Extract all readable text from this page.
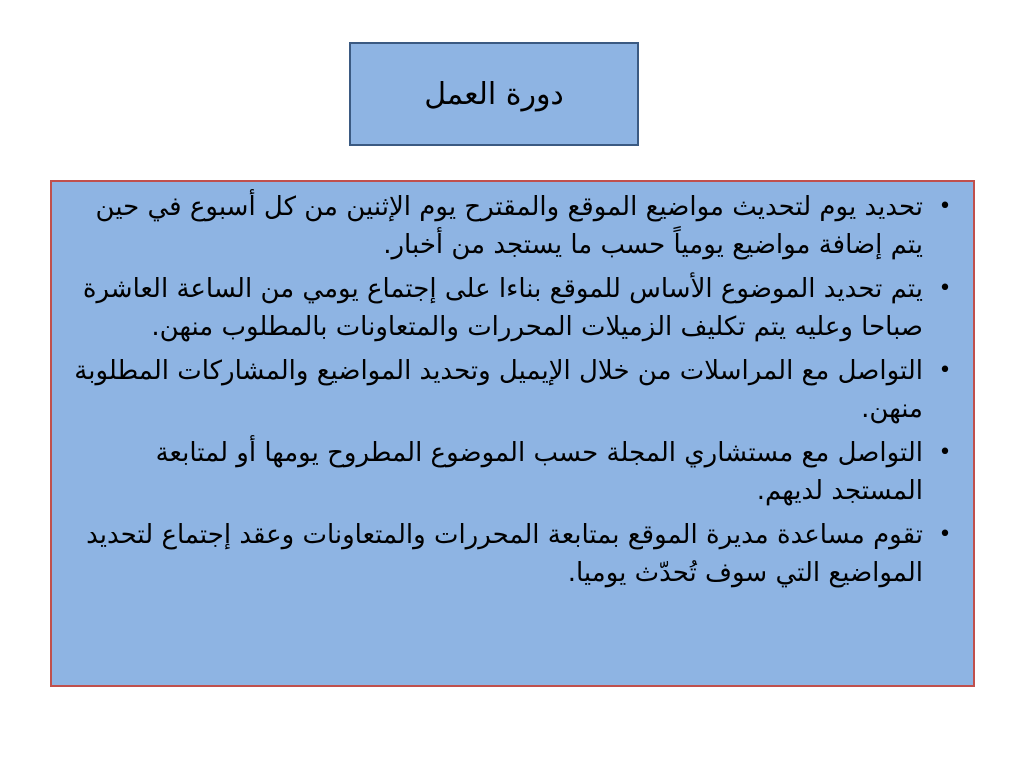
دورة العمل
•
تحديد يوم لتحديث مواضيع الموقع والمقترح يوم الإثنين من كل أسبوع في حين يتم إضافة مواضيع يومياً حسب ما يستجد من أخبار.
•
يتم تحديد الموضوع الأساس للموقع بناءا على إجتماع يومي من الساعة العاشرة صباحا وعليه يتم تكليف الزميلات المحررات والمتعاونات بالمطلوب منهن.
•
التواصل مع المراسلات من خلال الإيميل وتحديد المواضيع والمشاركات المطلوبة منهن.
•
التواصل مع مستشاري المجلة حسب الموضوع المطروح يومها أو لمتابعة المستجد لديهم.
•
تقوم مساعدة مديرة الموقع بمتابعة المحررات والمتعاونات وعقد إجتماع لتحديد المواضيع التي سوف تُحدّث يوميا.
